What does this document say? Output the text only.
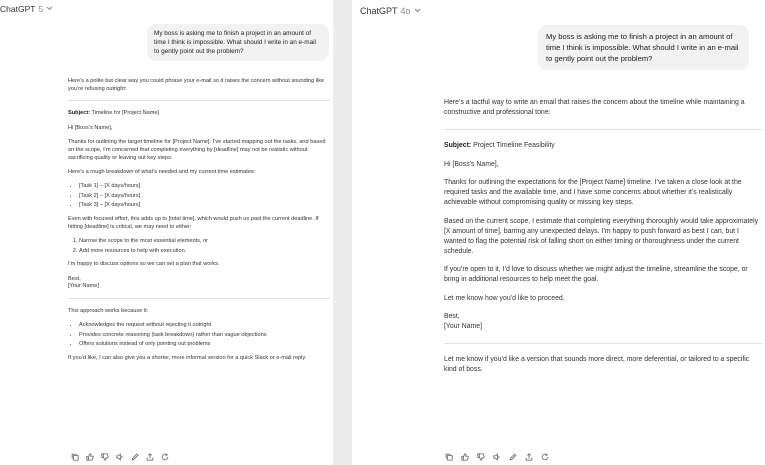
ChatGPT 5
My boss is asking me to finish a project in an amount of time I think is impossible. What should I write in an e-mail to gently point out the problem?

Here’s a polite but clear way you could phrase your e-mail so it raises the concern without sounding like you’re refusing outright:

Subject: Timeline for [Project Name]

Hi [Boss’s Name],

Thanks for outlining the target timeline for [Project Name]. I’ve started mapping out the tasks, and based on the scope, I’m concerned that completing everything by [deadline] may not be realistic without sacrificing quality or leaving out key steps.

Here’s a rough breakdown of what’s needed and my current time estimates:

• [Task 1] – [X days/hours]
• [Task 2] – [X days/hours]
• [Task 3] – [X days/hours]

Even with focused effort, this adds up to [total time], which would push us past the current deadline. If hitting [deadline] is critical, we may need to either:

1. Narrow the scope to the most essential elements, or
2. Add more resources to help with execution.

I’m happy to discuss options so we can set a plan that works.

Best,
[Your Name]

This approach works because it:

• Acknowledges the request without rejecting it outright
• Provides concrete reasoning (task breakdown) rather than vague objections
• Offers solutions instead of only pointing out problems

If you’d like, I can also give you a shorter, more informal version for a quick Slack or e-mail reply.

ChatGPT 4o
My boss is asking me to finish a project in an amount of time I think is impossible. What should I write in an e-mail to gently point out the problem?

Here’s a tactful way to write an email that raises the concern about the timeline while maintaining a constructive and professional tone:

Subject: Project Timeline Feasibility

Hi [Boss’s Name],

Thanks for outlining the expectations for the [Project Name] timeline. I’ve taken a close look at the required tasks and the available time, and I have some concerns about whether it’s realistically achievable without compromising quality or missing key steps.

Based on the current scope, I estimate that completing everything thoroughly would take approximately [X amount of time], barring any unexpected delays. I’m happy to push forward as best I can, but I wanted to flag the potential risk of falling short on either timing or thoroughness under the current schedule.

If you’re open to it, I’d love to discuss whether we might adjust the timeline, streamline the scope, or bring in additional resources to help meet the goal.

Let me know how you’d like to proceed.

Best,
[Your Name]

Let me know if you’d like a version that sounds more direct, more deferential, or tailored to a specific kind of boss.
